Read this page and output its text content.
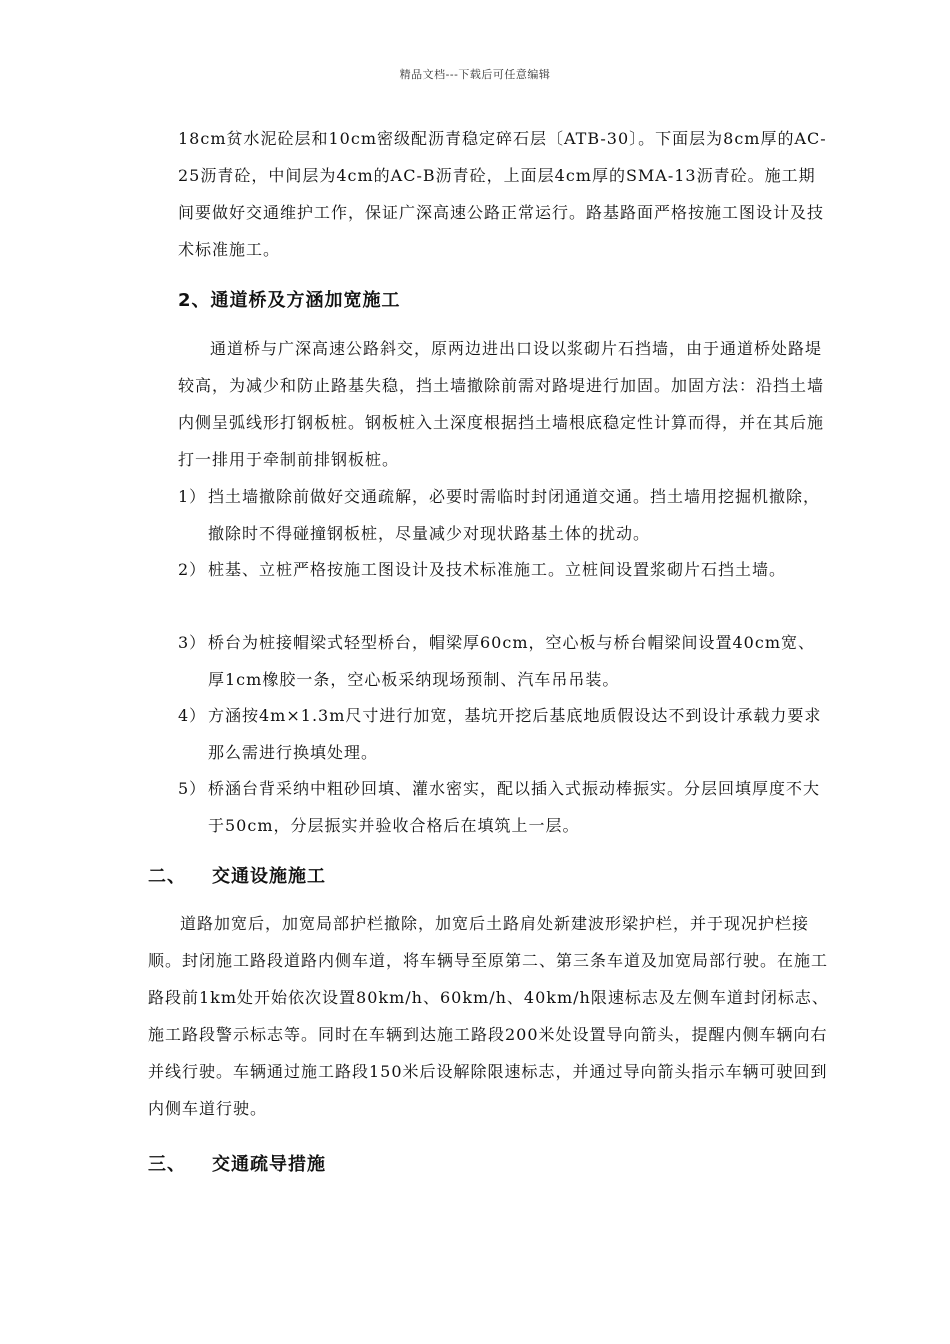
精品文档---下载后可任意编辑
18cm贫水泥砼层和10cm密级配沥青稳定碎石层〔ATB-30〕。下面层为8cm厚的AC-25沥青砼，中间层为4cm的AC-B沥青砼，上面层4cm厚的SMA-13沥青砼。施工期间要做好交通维护工作，保证广深高速公路正常运行。路基路面严格按施工图设计及技术标准施工。
2、通道桥及方涵加宽施工
通道桥与广深高速公路斜交，原两边进出口设以浆砌片石挡墙，由于通道桥处路堤较高，为减少和防止路基失稳，挡土墙撤除前需对路堤进行加固。加固方法：沿挡土墙内侧呈弧线形打钢板桩。钢板桩入土深度根据挡土墙根底稳定性计算而得，并在其后施打一排用于牵制前排钢板桩。
1） 挡土墙撤除前做好交通疏解，必要时需临时封闭通道交通。挡土墙用挖掘机撤除，撤除时不得碰撞钢板桩，尽量减少对现状路基土体的扰动。
2） 桩基、立桩严格按施工图设计及技术标准施工。立桩间设置浆砌片石挡土墙。
3） 桥台为桩接帽梁式轻型桥台，帽梁厚60cm，空心板与桥台帽梁间设置40cm宽、厚1cm橡胶一条，空心板采纳现场预制、汽车吊吊装。
4） 方涵按4m×1.3m尺寸进行加宽，基坑开挖后基底地质假设达不到设计承载力要求那么需进行换填处理。
5） 桥涵台背采纳中粗砂回填、灌水密实，配以插入式振动棒振实。分层回填厚度不大于50cm，分层振实并验收合格后在填筑上一层。
二、 交通设施施工
道路加宽后，加宽局部护栏撤除，加宽后土路肩处新建波形梁护栏，并于现况护栏接顺。封闭施工路段道路内侧车道，将车辆导至原第二、第三条车道及加宽局部行驶。在施工路段前1km处开始依次设置80km/h、60km/h、40km/h限速标志及左侧车道封闭标志、施工路段警示标志等。同时在车辆到达施工路段200米处设置导向箭头，提醒内侧车辆向右并线行驶。车辆通过施工路段150米后设解除限速标志，并通过导向箭头指示车辆可驶回到内侧车道行驶。
三、 交通疏导措施
